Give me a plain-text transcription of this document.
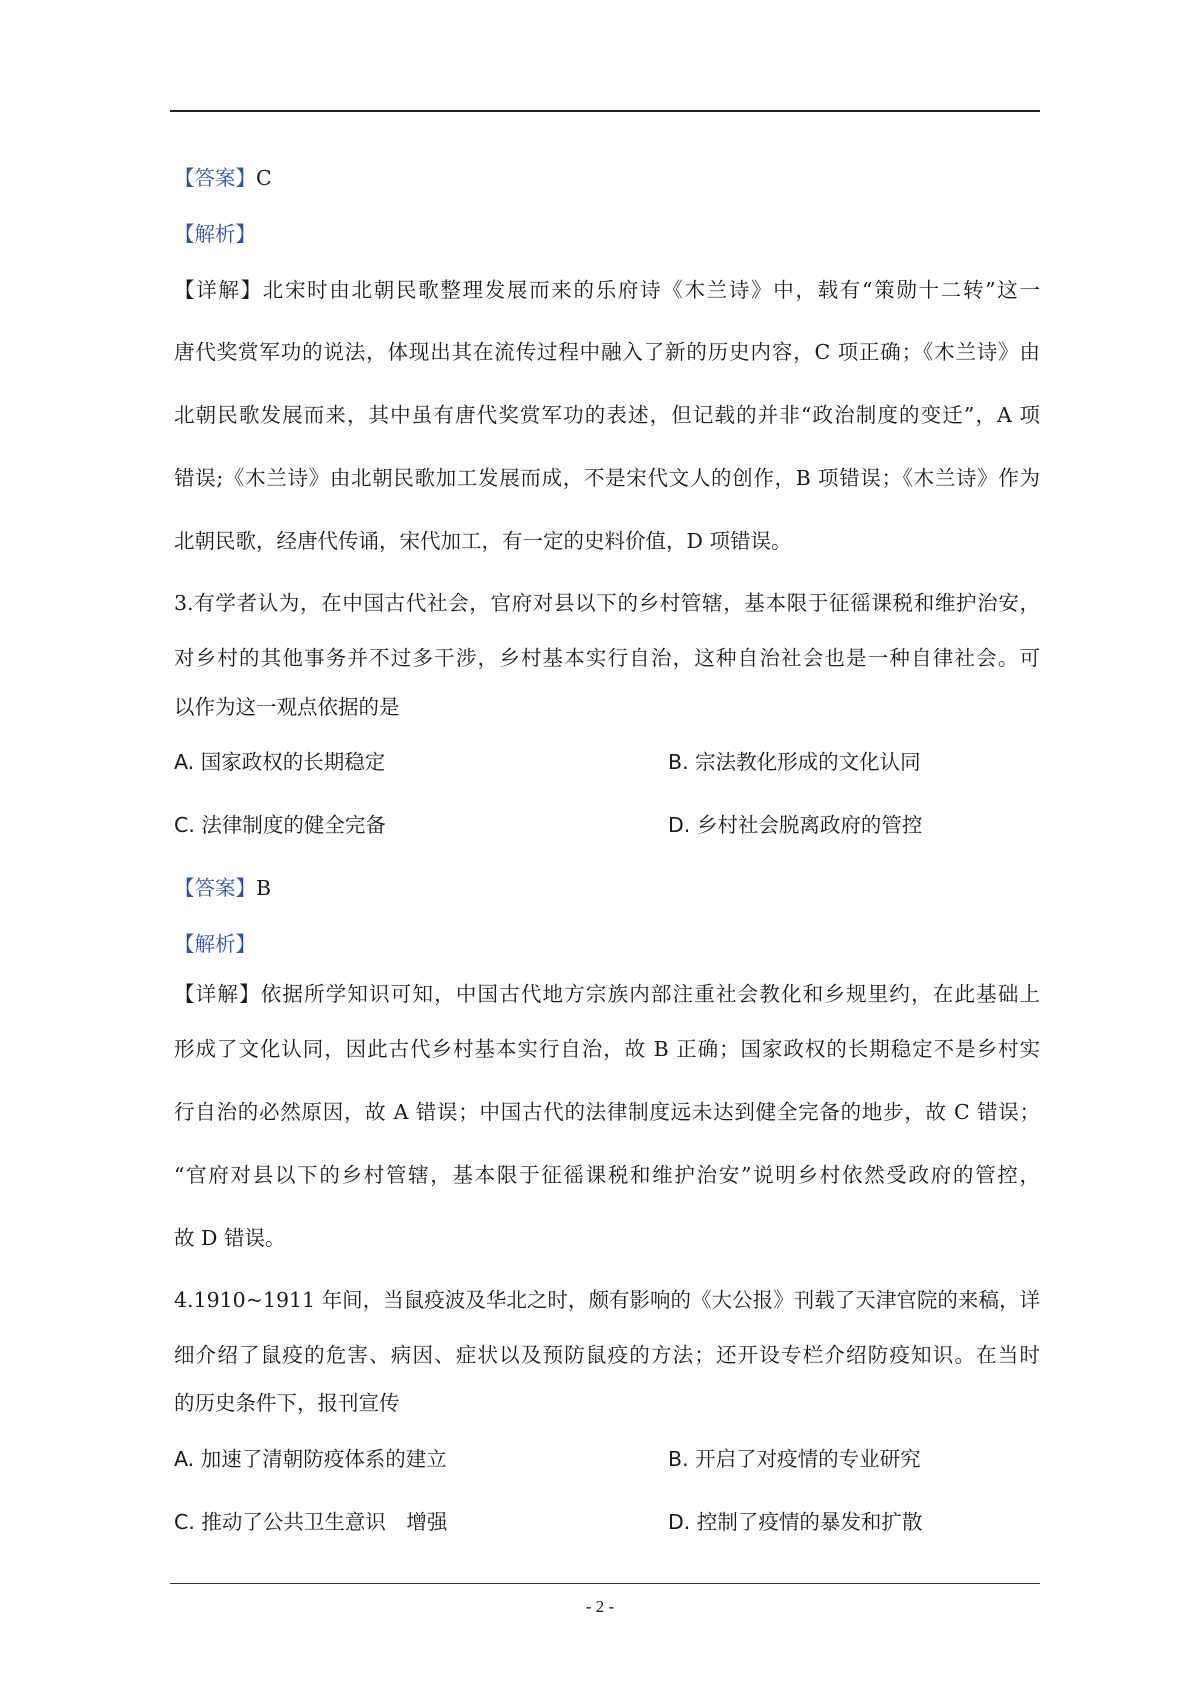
【答案】C
【解析】
【详解】北宋时由北朝民歌整理发展而来的乐府诗《木兰诗》中，载有“策勋十二转”这一
唐代奖赏军功的说法，体现出其在流传过程中融入了新的历史内容，C 项正确；《木兰诗》由
北朝民歌发展而来，其中虽有唐代奖赏军功的表述，但记载的并非“政治制度的变迁”，A 项
错误;《木兰诗》由北朝民歌加工发展而成，不是宋代文人的创作，B 项错误；《木兰诗》作为
北朝民歌，经唐代传诵，宋代加工，有一定的史料价值，D 项错误。
3.有学者认为，在中国古代社会，官府对县以下的乡村管辖，基本限于征徭课税和维护治安，
对乡村的其他事务并不过多干涉，乡村基本实行自治，这种自治社会也是一种自律社会。可
以作为这一观点依据的是
A. 国家政权的长期稳定	B. 宗法教化形成的文化认同
C. 法律制度的健全完备	D. 乡村社会脱离政府的管控
【答案】B
【解析】
【详解】依据所学知识可知，中国古代地方宗族内部注重社会教化和乡规里约，在此基础上
形成了文化认同，因此古代乡村基本实行自治，故 B 正确；国家政权的长期稳定不是乡村实
行自治的必然原因，故 A 错误；中国古代的法律制度远未达到健全完备的地步，故 C 错误；
“官府对县以下的乡村管辖，基本限于征徭课税和维护治安”说明乡村依然受政府的管控，
故 D 错误。
4.1910~1911 年间，当鼠疫波及华北之时，颇有影响的《大公报》刊载了天津官院的来稿，详
细介绍了鼠疫的危害、病因、症状以及预防鼠疫的方法；还开设专栏介绍防疫知识。在当时
的历史条件下，报刊宣传
A. 加速了清朝防疫体系的建立	B. 开启了对疫情的专业研究
C. 推动了公共卫生意识　增强	D. 控制了疫情的暴发和扩散
- 2 -
